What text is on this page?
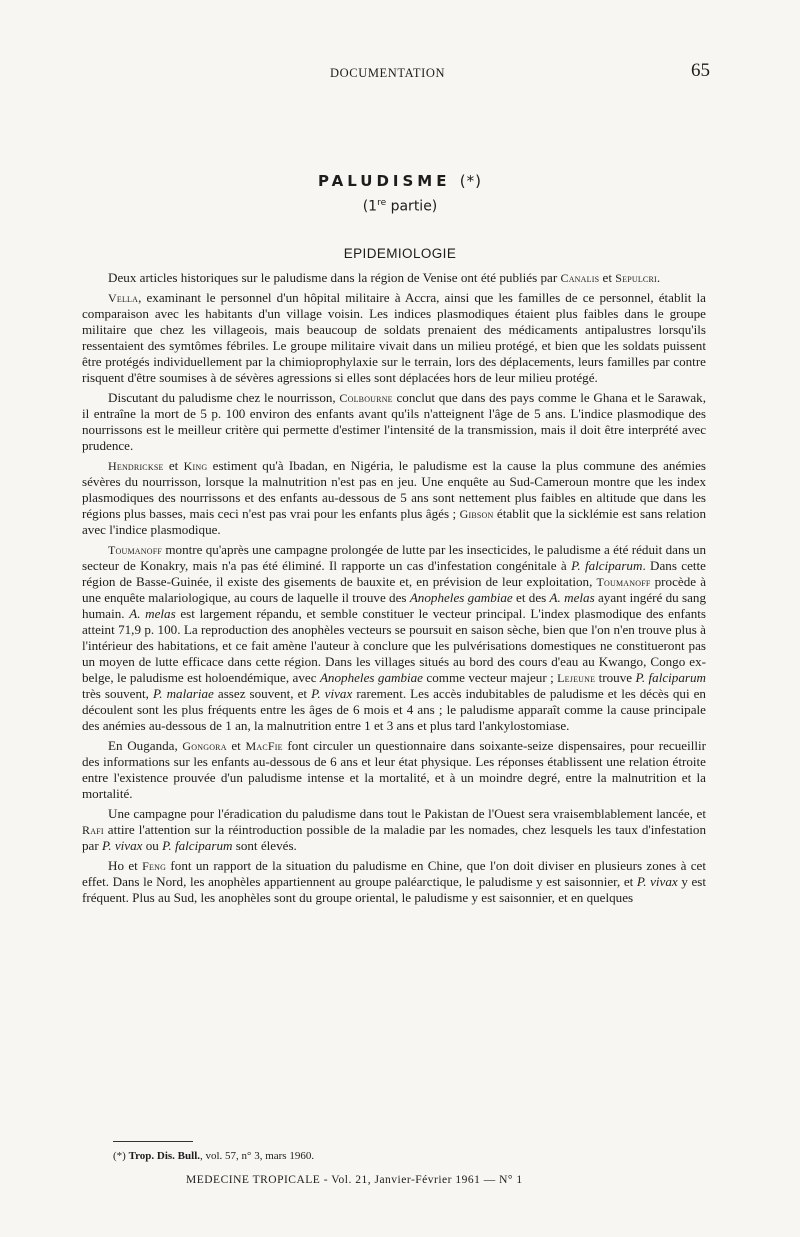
DOCUMENTATION	65
PALUDISME (*)
(1re partie)
EPIDEMIOLOGIE

Deux articles historiques sur le paludisme dans la région de Venise ont été publiés par Canalis et Sepulcri.

Vella, examinant le personnel d'un hôpital militaire à Accra, ainsi que les familles de ce personnel, établit la comparaison avec les habitants d'un village voisin. Les indices plasmodiques étaient plus faibles dans le groupe militaire que chez les villageois, mais beaucoup de soldats prenaient des médicaments antipalustres lorsqu'ils ressentaient des symtômes fébriles. Le groupe militaire vivait dans un milieu protégé, et bien que les soldats puissent être protégés individuellement par la chimioprophylaxie sur le terrain, lors des déplacements, leurs familles par contre risquent d'être soumises à de sévères agressions si elles sont déplacées hors de leur milieu protégé.

Discutant du paludisme chez le nourrisson, Colbourne conclut que dans des pays comme le Ghana et le Sarawak, il entraîne la mort de 5 p. 100 environ des enfants avant qu'ils n'atteignent l'âge de 5 ans. L'indice plasmodique des nourrissons est le meilleur critère qui permette d'estimer l'intensité de la transmission, mais il doit être interprété avec prudence.

Hendrickse et King estiment qu'à Ibadan, en Nigéria, le paludisme est la cause la plus commune des anémies sévères du nourrisson, lorsque la malnutrition n'est pas en jeu. Une enquête au Sud-Cameroun montre que les index plasmodiques des nourrissons et des enfants au-dessous de 5 ans sont nettement plus faibles en altitude que dans les régions plus basses, mais ceci n'est pas vrai pour les enfants plus âgés ; Gibson établit que la sicklémie est sans relation avec l'indice plasmodique.

Toumanoff montre qu'après une campagne prolongée de lutte par les insecticides, le paludisme a été réduit dans un secteur de Konakry, mais n'a pas été éliminé. Il rapporte un cas d'infestation congénitale à P. falciparum. Dans cette région de Basse-Guinée, il existe des gisements de bauxite et, en prévision de leur exploitation, Toumanoff procède à une enquête malariologique, au cours de laquelle il trouve des Anopheles gambiae et des A. melas ayant ingéré du sang humain. A. melas est largement répandu, et semble constituer le vecteur principal. L'index plasmodique des enfants atteint 71,9 p. 100. La reproduction des anophèles vecteurs se poursuit en saison sèche, bien que l'on n'en trouve plus à l'intérieur des habitations, et ce fait amène l'auteur à conclure que les pulvérisations domestiques ne constitueront pas un moyen de lutte efficace dans cette région. Dans les villages situés au bord des cours d'eau au Kwango, Congo ex-belge, le paludisme est holoendémique, avec Anopheles gambiae comme vecteur majeur ; Lejeune trouve P. falciparum très souvent, P. malariae assez souvent, et P. vivax rarement. Les accès indubitables de paludisme et les décès qui en découlent sont les plus fréquents entre les âges de 6 mois et 4 ans ; le paludisme apparaît comme la cause principale des anémies au-dessous de 1 an, la malnutrition entre 1 et 3 ans et plus tard l'ankylostomiase.

En Ouganda, Gongora et MacFie font circuler un questionnaire dans soixante-seize dispensaires, pour recueillir des informations sur les enfants au-dessous de 6 ans et leur état physique. Les réponses établissent une relation étroite entre l'existence prouvée d'un paludisme intense et la mortalité, et à un moindre degré, entre la malnutrition et la mortalité.

Une campagne pour l'éradication du paludisme dans tout le Pakistan de l'Ouest sera vraisemblablement lancée, et Rafi attire l'attention sur la réintroduction possible de la maladie par les nomades, chez lesquels les taux d'infestation par P. vivax ou P. falciparum sont élevés.

Ho et Feng font un rapport de la situation du paludisme en Chine, que l'on doit diviser en plusieurs zones à cet effet. Dans le Nord, les anophèles appartiennent au groupe paléarctique, le paludisme y est saisonnier, et P. vivax y est fréquent. Plus au Sud, les anophèles sont du groupe oriental, le paludisme y est saisonnier, et en quelques

(*) Trop. Dis. Bull., vol. 57, n° 3, mars 1960.
MEDECINE TROPICALE - Vol. 21, Janvier-Février 1961 — N° 1
